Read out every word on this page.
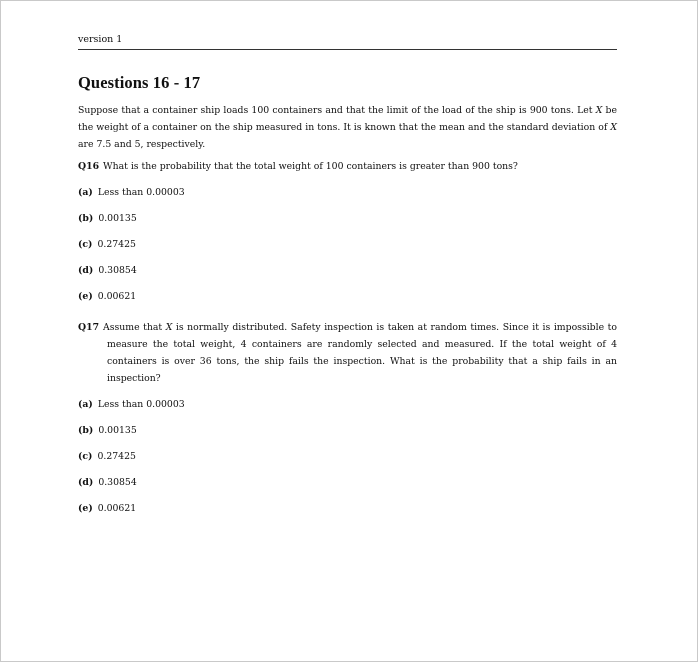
version 1
Questions 16 - 17
Suppose that a container ship loads 100 containers and that the limit of the load of the ship is 900 tons. Let X be the weight of a container on the ship measured in tons. It is known that the mean and the standard deviation of X are 7.5 and 5, respectively.
Q16 What is the probability that the total weight of 100 containers is greater than 900 tons?
(a) Less than 0.00003
(b) 0.00135
(c) 0.27425
(d) 0.30854
(e) 0.00621
Q17 Assume that X is normally distributed. Safety inspection is taken at random times. Since it is impossible to measure the total weight, 4 containers are randomly selected and measured. If the total weight of 4 containers is over 36 tons, the ship fails the inspection. What is the probability that a ship fails in an inspection?
(a) Less than 0.00003
(b) 0.00135
(c) 0.27425
(d) 0.30854
(e) 0.00621
